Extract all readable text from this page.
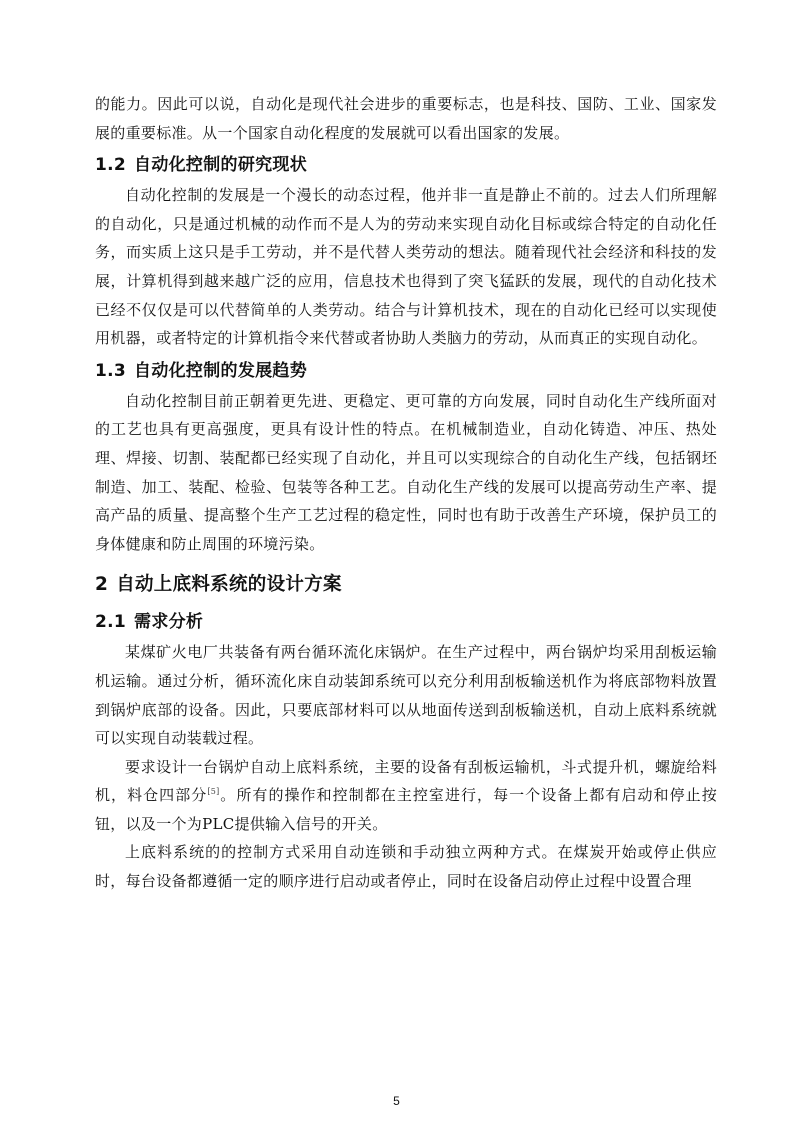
的能力。因此可以说，自动化是现代社会进步的重要标志，也是科技、国防、工业、国家发展的重要标准。从一个国家自动化程度的发展就可以看出国家的发展。

1.2 自动化控制的研究现状

自动化控制的发展是一个漫长的动态过程，他并非一直是静止不前的。过去人们所理解的自动化，只是通过机械的动作而不是人为的劳动来实现自动化目标或综合特定的自动化任务，而实质上这只是手工劳动，并不是代替人类劳动的想法。随着现代社会经济和科技的发展，计算机得到越来越广泛的应用，信息技术也得到了突飞猛跃的发展，现代的自动化技术已经不仅仅是可以代替简单的人类劳动。结合与计算机技术，现在的自动化已经可以实现使用机器，或者特定的计算机指令来代替或者协助人类脑力的劳动，从而真正的实现自动化。

1.3 自动化控制的发展趋势

自动化控制目前正朝着更先进、更稳定、更可靠的方向发展，同时自动化生产线所面对的工艺也具有更高强度，更具有设计性的特点。在机械制造业，自动化铸造、冲压、热处理、焊接、切割、装配都已经实现了自动化，并且可以实现综合的自动化生产线，包括钢坯制造、加工、装配、检验、包装等各种工艺。自动化生产线的发展可以提高劳动生产率、提高产品的质量、提高整个生产工艺过程的稳定性，同时也有助于改善生产环境，保护员工的身体健康和防止周围的环境污染。

2 自动上底料系统的设计方案
2.1 需求分析

某煤矿火电厂共装备有两台循环流化床锅炉。在生产过程中，两台锅炉均采用刮板运输机运输。通过分析，循环流化床自动装卸系统可以充分利用刮板输送机作为将底部物料放置到锅炉底部的设备。因此，只要底部材料可以从地面传送到刮板输送机，自动上底料系统就可以实现自动装载过程。

要求设计一台锅炉自动上底料系统，主要的设备有刮板运输机，斗式提升机，螺旋给料机，料仓四部分[5]。所有的操作和控制都在主控室进行，每一个设备上都有启动和停止按钮，以及一个为PLC提供输入信号的开关。

上底料系统的的控制方式采用自动连锁和手动独立两种方式。在煤炭开始或停止供应时，每台设备都遵循一定的顺序进行启动或者停止，同时在设备启动停止过程中设置合理

5
